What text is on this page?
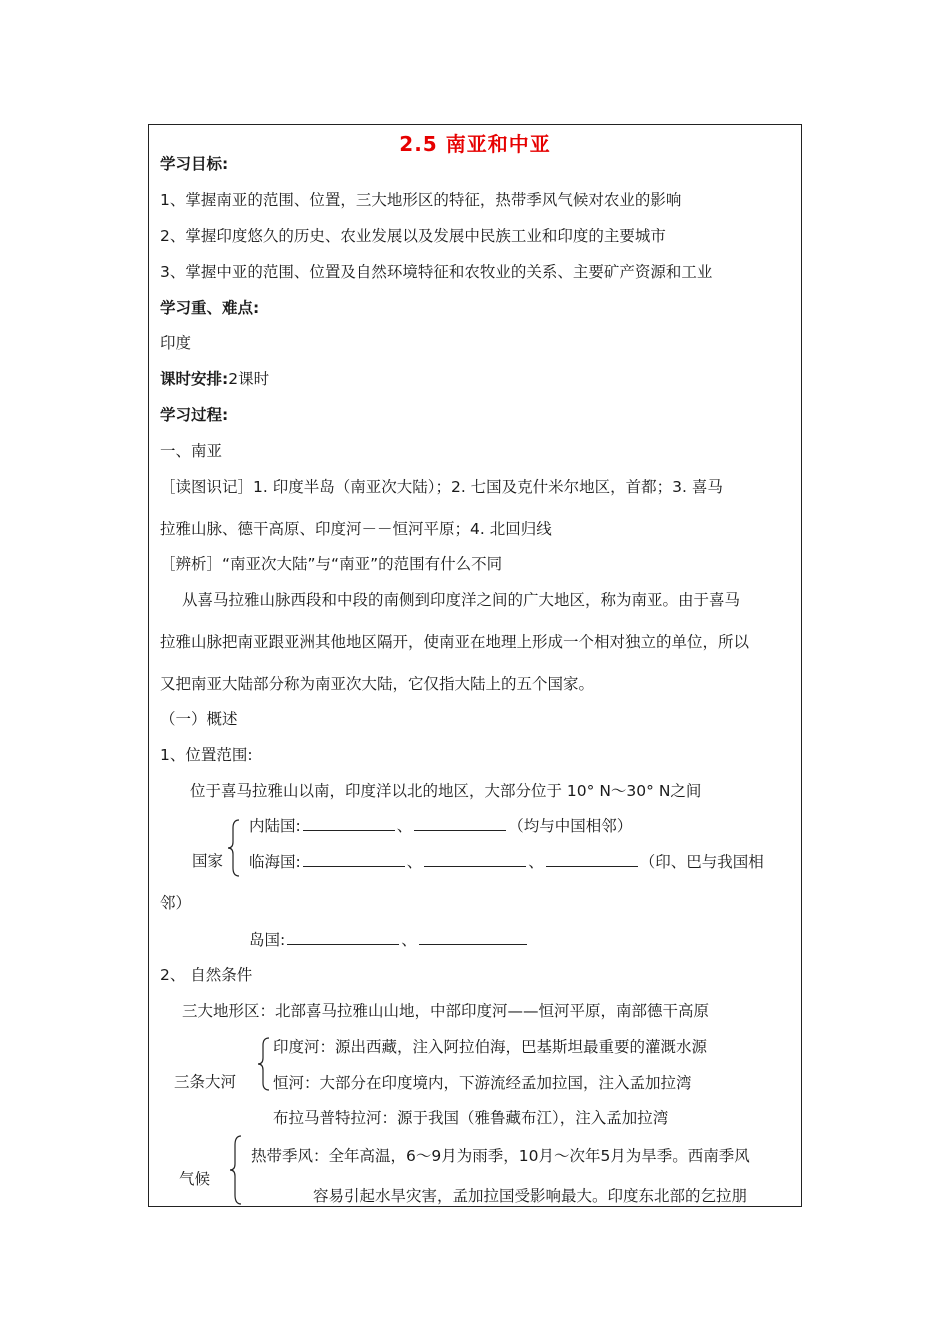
2.5 南亚和中亚
学习目标:
1、掌握南亚的范围、位置，三大地形区的特征，热带季风气候对农业的影响
2、掌握印度悠久的历史、农业发展以及发展中民族工业和印度的主要城市
3、掌握中亚的范围、位置及自然环境特征和农牧业的关系、主要矿产资源和工业
学习重、难点:
印度
课时安排:2课时
学习过程:
一、南亚
［读图识记］1. 印度半岛（南亚次大陆）；2. 七国及克什米尔地区，首都；3. 喜马
拉雅山脉、德干高原、印度河－－恒河平原；4. 北回归线
［辨析］“南亚次大陆”与“南亚”的范围有什么不同
从喜马拉雅山脉西段和中段的南侧到印度洋之间的广大地区，称为南亚。由于喜马
拉雅山脉把南亚跟亚洲其他地区隔开，使南亚在地理上形成一个相对独立的单位，所以
又把南亚大陆部分称为南亚次大陆，它仅指大陆上的五个国家。
（一）概述
1、位置范围:
位于喜马拉雅山以南，印度洋以北的地区，大部分位于 10° N～30° N之间
国家
内陆国:	、	（均与中国相邻）
临海国:	、	、	（印、巴与我国相
邻）
岛国:	、
2、 自然条件
三大地形区：北部喜马拉雅山山地，中部印度河——恒河平原，南部德干高原
三条大河
印度河：源出西藏，注入阿拉伯海，巴基斯坦最重要的灌溉水源
恒河：大部分在印度境内，下游流经孟加拉国，注入孟加拉湾
布拉马普特拉河：源于我国（雅鲁藏布江），注入孟加拉湾
气候
热带季风：全年高温，6～9月为雨季，10月～次年5月为旱季。西南季风
容易引起水旱灾害，孟加拉国受影响最大。印度东北部的乞拉朋
